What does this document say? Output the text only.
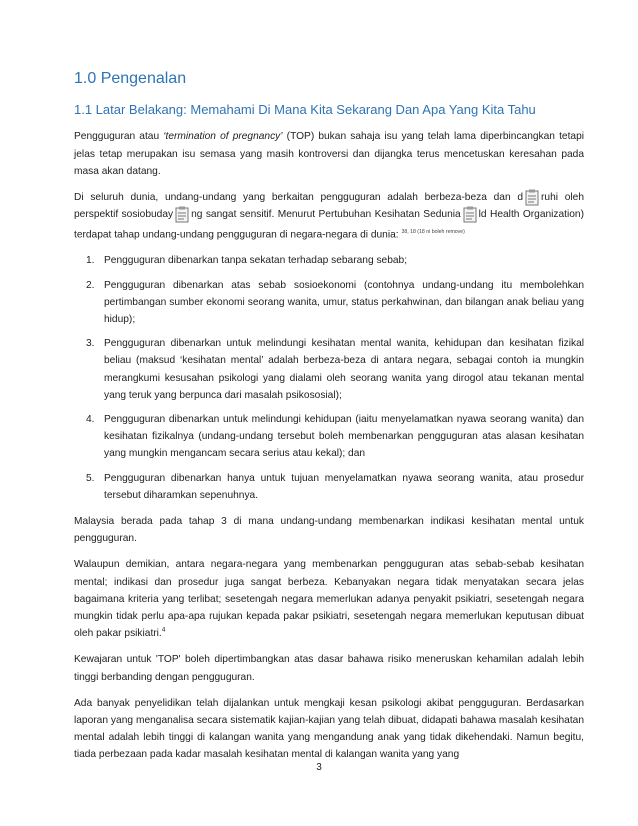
1.0 Pengenalan
1.1 Latar Belakang: Memahami Di Mana Kita Sekarang Dan Apa Yang Kita Tahu

Pengguguran atau ‘termination of pregnancy’ (TOP) bukan sahaja isu yang telah lama diperbincangkan tetapi jelas tetap merupakan isu semasa yang masih kontroversi dan dijangka terus mencetuskan keresahan pada masa akan datang.

Di seluruh dunia, undang-undang yang berkaitan pengguguran adalah berbeza-beza dan d ruhi oleh perspektif sosiobuday ng sangat sensitif. Menurut Pertubuhan Kesihatan Sedunia ld Health Organization) terdapat tahap undang-undang pengguguran di negara-negara di dunia: $^{38, 18 (18 ni boleh remove)}$

1. Pengguguran dibenarkan tanpa sekatan terhadap sebarang sebab;
2. Pengguguran dibenarkan atas sebab sosioekonomi (contohnya undang-undang itu membolehkan pertimbangan sumber ekonomi seorang wanita, umur, status perkahwinan, dan bilangan anak beliau yang hidup);
3. Pengguguran dibenarkan untuk melindungi kesihatan mental wanita, kehidupan dan kesihatan fizikal beliau (maksud ‘kesihatan mental’ adalah berbeza-beza di antara negara, sebagai contoh ia mungkin merangkumi kesusahan psikologi yang dialami oleh seorang wanita yang dirogol atau tekanan mental yang teruk yang berpunca dari masalah psikososial);
4. Pengguguran dibenarkan untuk melindungi kehidupan (iaitu menyelamatkan nyawa seorang wanita) dan kesihatan fizikalnya (undang-undang tersebut boleh membenarkan pengguguran atas alasan kesihatan yang mungkin mengancam secara serius atau kekal); dan
5. Pengguguran dibenarkan hanya untuk tujuan menyelamatkan nyawa seorang wanita, atau prosedur tersebut diharamkan sepenuhnya.

Malaysia berada pada tahap 3 di mana undang-undang membenarkan indikasi kesihatan mental untuk pengguguran.

Walaupun demikian, antara negara-negara yang membenarkan pengguguran atas sebab-sebab kesihatan mental; indikasi dan prosedur juga sangat berbeza. Kebanyakan negara tidak menyatakan secara jelas bagaimana kriteria yang terlibat; sesetengah negara memerlukan adanya penyakit psikiatri, sesetengah negara mungkin tidak perlu apa-apa rujukan kepada pakar psikiatri, sesetengah negara memerlukan keputusan dibuat oleh pakar psikiatri.$^4$

Kewajaran untuk 'TOP' boleh dipertimbangkan atas dasar bahawa risiko meneruskan kehamilan adalah lebih tinggi berbanding dengan pengguguran.

Ada banyak penyelidikan telah dijalankan untuk mengkaji kesan psikologi akibat pengguguran. Berdasarkan laporan yang menganalisa secara sistematik kajian-kajian yang telah dibuat, didapati bahawa masalah kesihatan mental adalah lebih tinggi di kalangan wanita yang mengandung anak yang tidak dikehendaki. Namun begitu, tiada perbezaan pada kadar masalah kesihatan mental di kalangan wanita yang yang

3
